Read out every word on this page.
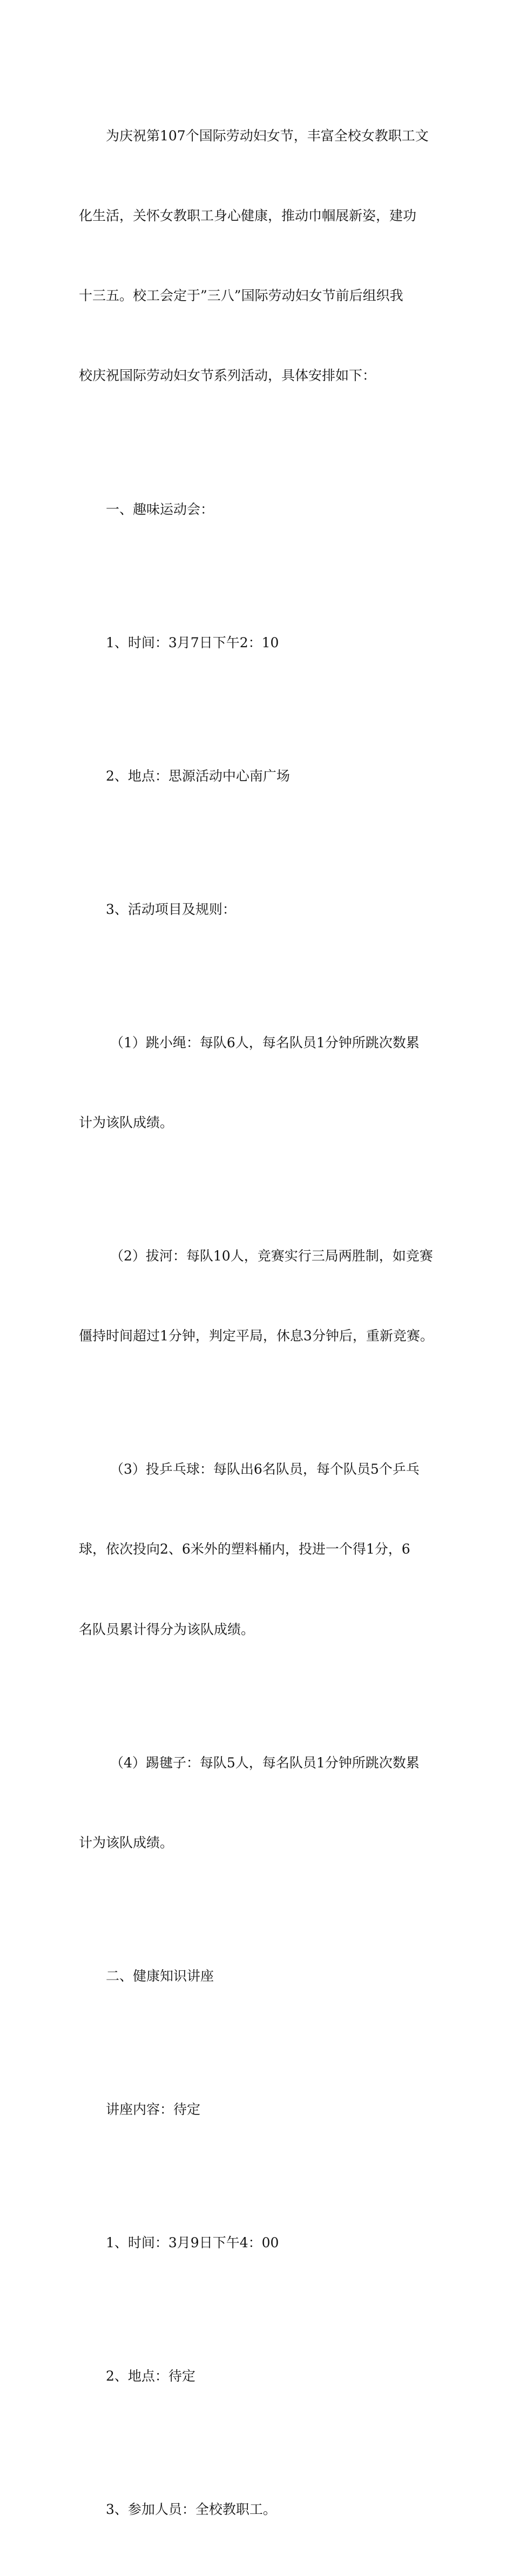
为庆祝第107个国际劳动妇女节，丰富全校女教职工文

化生活，关怀女教职工身心健康，推动巾帼展新姿，建功

十三五。校工会定于”三八”国际劳动妇女节前后组织我

校庆祝国际劳动妇女节系列活动，具体安排如下：

一、趣味运动会：

1、时间：3月7日下午2：10

2、地点：思源活动中心南广场

3、活动项目及规则：

（1）跳小绳：每队6人，每名队员1分钟所跳次数累

计为该队成绩。

（2）拔河：每队10人，竞赛实行三局两胜制，如竞赛

僵持时间超过1分钟，判定平局，休息3分钟后，重新竞赛。

（3）投乒乓球：每队出6名队员，每个队员5个乒乓

球，依次投向2、6米外的塑料桶内，投进一个得1分，6

名队员累计得分为该队成绩。

（4）踢毽子：每队5人，每名队员1分钟所跳次数累

计为该队成绩。

二、健康知识讲座

讲座内容：待定

1、时间：3月9日下午4：00

2、地点：待定

3、参加人员：全校教职工。
